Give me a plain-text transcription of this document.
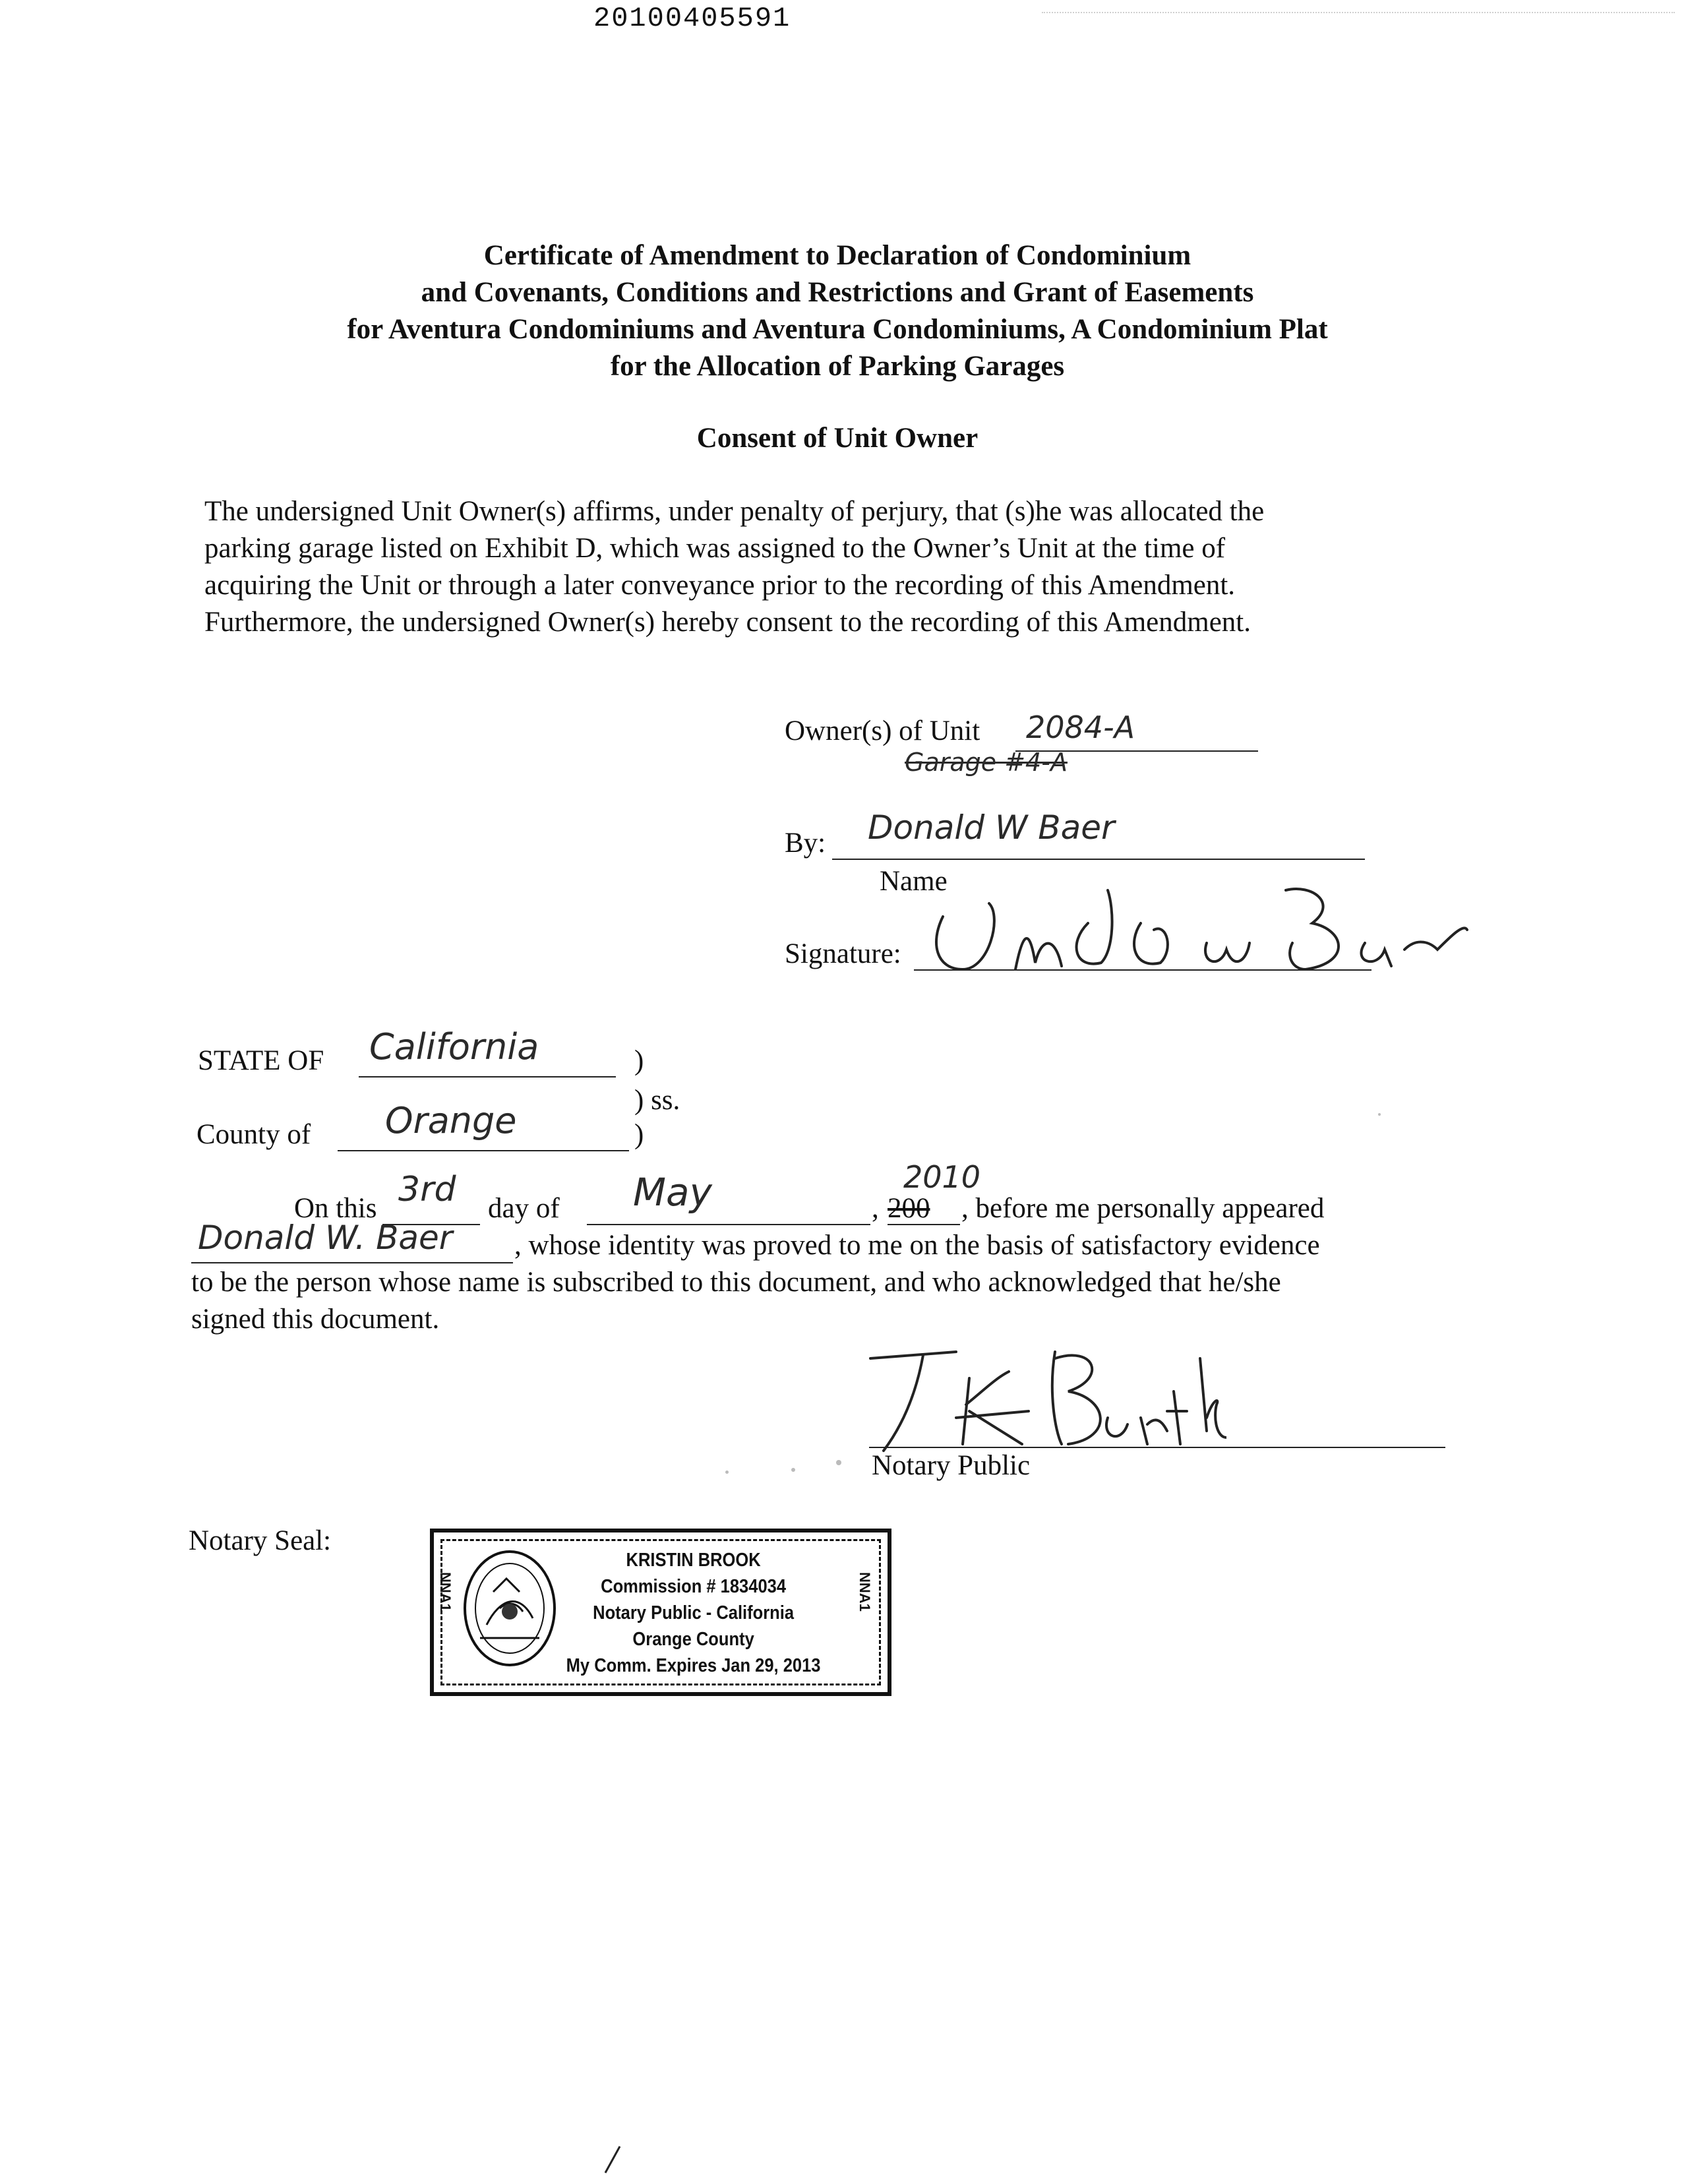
20100405591
Certificate of Amendment to Declaration of Condominium
and Covenants, Conditions and Restrictions and Grant of Easements
for Aventura Condominiums and Aventura Condominiums, A Condominium Plat
for the Allocation of Parking Garages
Consent of Unit Owner
The undersigned Unit Owner(s) affirms, under penalty of perjury, that (s)he was allocated the
parking garage listed on Exhibit D, which was assigned to the Owner’s Unit at the time of
acquiring the Unit or through a later conveyance prior to the recording of this Amendment.
Furthermore, the undersigned Owner(s) hereby consent to the recording of this Amendment.
Owner(s) of Unit 2084-A
Garage #4-A
By: Donald W Baer
Name
Signature:
STATE OF California	)
) ss.
County of Orange	)
On this 3rd day of May	, 200
2010
, before me personally appeared
Donald W. Baer , whose identity was proved to me on the basis of satisfactory evidence
to be the person whose name is subscribed to this document, and who acknowledged that he/she
signed this document.
Notary Public
Notary Seal:
NNA1	NNA1
KRISTIN BROOK
Commission # 1834034
Notary Public - California
Orange County
My Comm. Expires Jan 29, 2013
